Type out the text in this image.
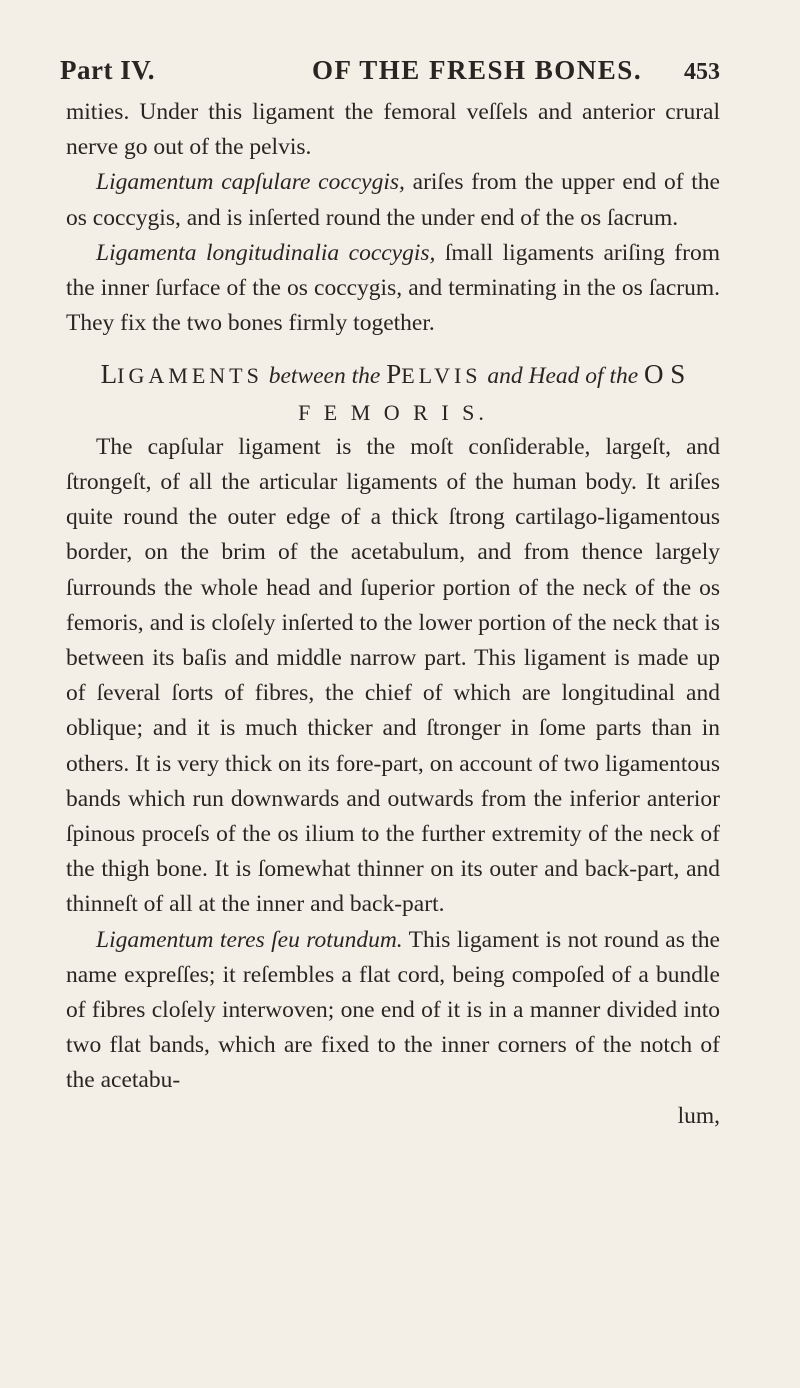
Part IV.	OF THE FRESH BONES. 453

mities. Under this ligament the femoral veſſels and anterior crural nerve go out of the pelvis.

Ligamentum capſulare coccygis, ariſes from the upper end of the os coccygis, and is inſerted round the under end of the os ſacrum.

Ligamenta longitudinalia coccygis, ſmall ligaments ariſing from the inner ſurface of the os coccygis, and terminating in the os ſacrum. They fix the two bones firmly together.

LIGAMENTS between the PELVIS and Head of the O S
F E M O R I S.

The capſular ligament is the moſt conſiderable, largeſt, and ſtrongeſt, of all the articular ligaments of the human body. It ariſes quite round the outer edge of a thick ſtrong cartilago-ligamentous border, on the brim of the acetabulum, and from thence largely ſurrounds the whole head and ſuperior portion of the neck of the os femoris, and is cloſely inſerted to the lower portion of the neck that is between its baſis and middle narrow part. This ligament is made up of ſeveral ſorts of fibres, the chief of which are longitudinal and oblique; and it is much thicker and ſtronger in ſome parts than in others. It is very thick on its fore-part, on account of two ligamentous bands which run downwards and outwards from the inferior anterior ſpinous proceſs of the os ilium to the further extremity of the neck of the thigh bone. It is ſomewhat thinner on its outer and back-part, and thinneſt of all at the inner and back-part.

Ligamentum teres ſeu rotundum. This ligament is not round as the name expreſſes; it reſembles a flat cord, being compoſed of a bundle of fibres cloſely interwoven; one end of it is in a manner divided into two flat bands, which are fixed to the inner corners of the notch of the acetabu-

lum,
